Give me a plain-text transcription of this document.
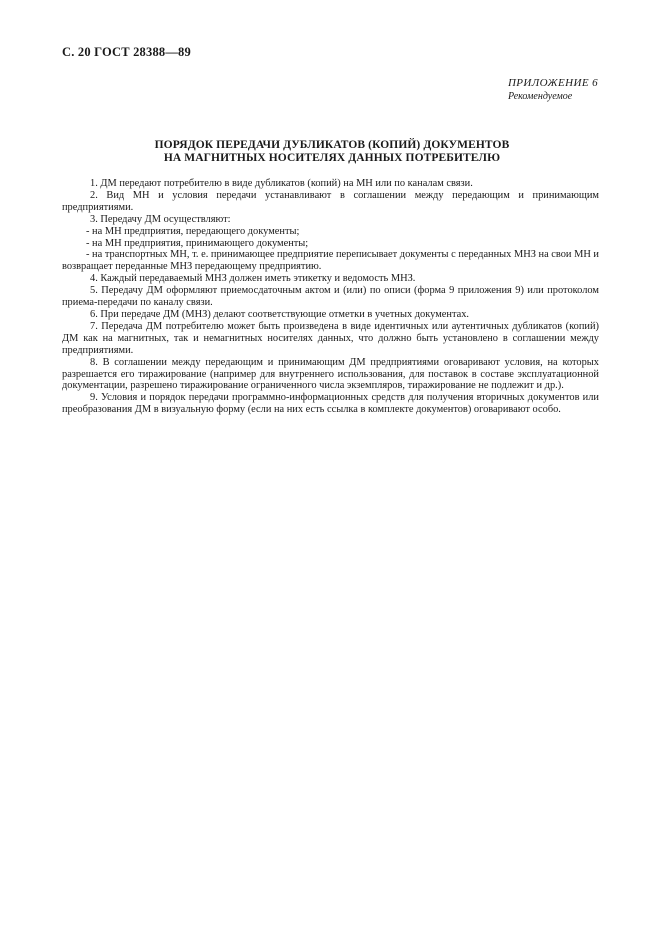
С. 20 ГОСТ 28388—89
ПРИЛОЖЕНИЕ 6
Рекомендуемое
ПОРЯДОК ПЕРЕДАЧИ ДУБЛИКАТОВ (КОПИЙ) ДОКУМЕНТОВ
НА МАГНИТНЫХ НОСИТЕЛЯХ ДАННЫХ ПОТРЕБИТЕЛЮ

1. ДМ передают потребителю в виде дубликатов (копий) на МН или по каналам связи.

2. Вид МН и условия передачи устанавливают в соглашении между передающим и принимающим предприятиями.

3. Передачу ДМ осуществляют:

- на МН предприятия, передающего документы;

- на МН предприятия, принимающего документы;

- на транспортных МН, т. е. принимающее предприятие переписывает документы с переданных МНЗ на свои МН и возвращает переданные МНЗ передающему предприятию.

4. Каждый передаваемый МНЗ должен иметь этикетку и ведомость МНЗ.

5. Передачу ДМ оформляют приемосдаточным актом и (или) по описи (форма 9 приложения 9) или протоколом приема-передачи по каналу связи.

6. При передаче ДМ (МНЗ) делают соответствующие отметки в учетных документах.

7. Передача ДМ потребителю может быть произведена в виде идентичных или аутентичных дубликатов (копий) ДМ как на магнитных, так и немагнитных носителях данных, что должно быть установлено в соглашении между предприятиями.

8. В соглашении между передающим и принимающим ДМ предприятиями оговаривают условия, на которых разрешается его тиражирование (например для внутреннего использования, для поставок в составе эксплуатационной документации, разрешено тиражирование ограниченного числа экземпляров, тиражирование не подлежит и др.).

9. Условия и порядок передачи программно-информационных средств для получения вторичных документов или преобразования ДМ в визуальную форму (если на них есть ссылка в комплекте документов) оговаривают особо.
